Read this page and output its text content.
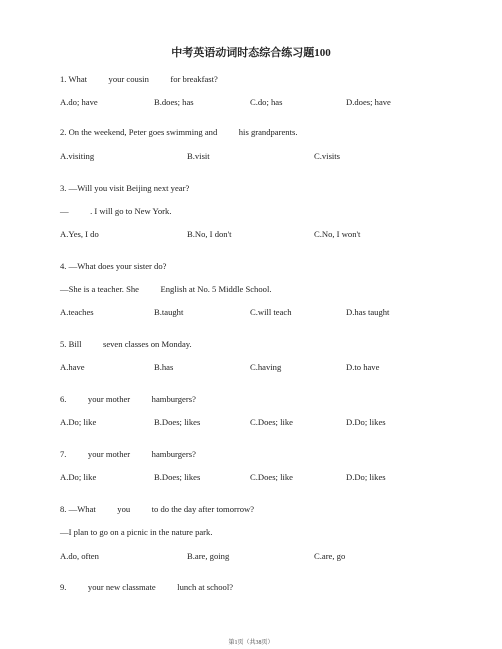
中考英语动词时态综合练习题100
1. What          your cousin          for breakfast?
A.do; have	B.does; has	C.do; has	D.does; have
2. On the weekend, Peter goes swimming and          his grandparents.
A.visiting	B.visit	C.visits
3. —Will you visit Beijing next year?
—          . I will go to New York.
A.Yes, I do	B.No, I don't	C.No, I won't
4. —What does your sister do?
—She is a teacher. She          English at No. 5 Middle School.
A.teaches	B.taught	C.will teach	D.has taught
5. Bill          seven classes on Monday.
A.have	B.has	C.having	D.to have
6.          your mother          hamburgers?
A.Do; like	B.Does; likes	C.Does; like	D.Do; likes
7.          your mother          hamburgers?
A.Do; like	B.Does; likes	C.Does; like	D.Do; likes
8. —What          you          to do the day after tomorrow?
—I plan to go on a picnic in the nature park.
A.do, often	B.are, going	C.are, go
9.          your new classmate          lunch at school?
第1页（共38页）
